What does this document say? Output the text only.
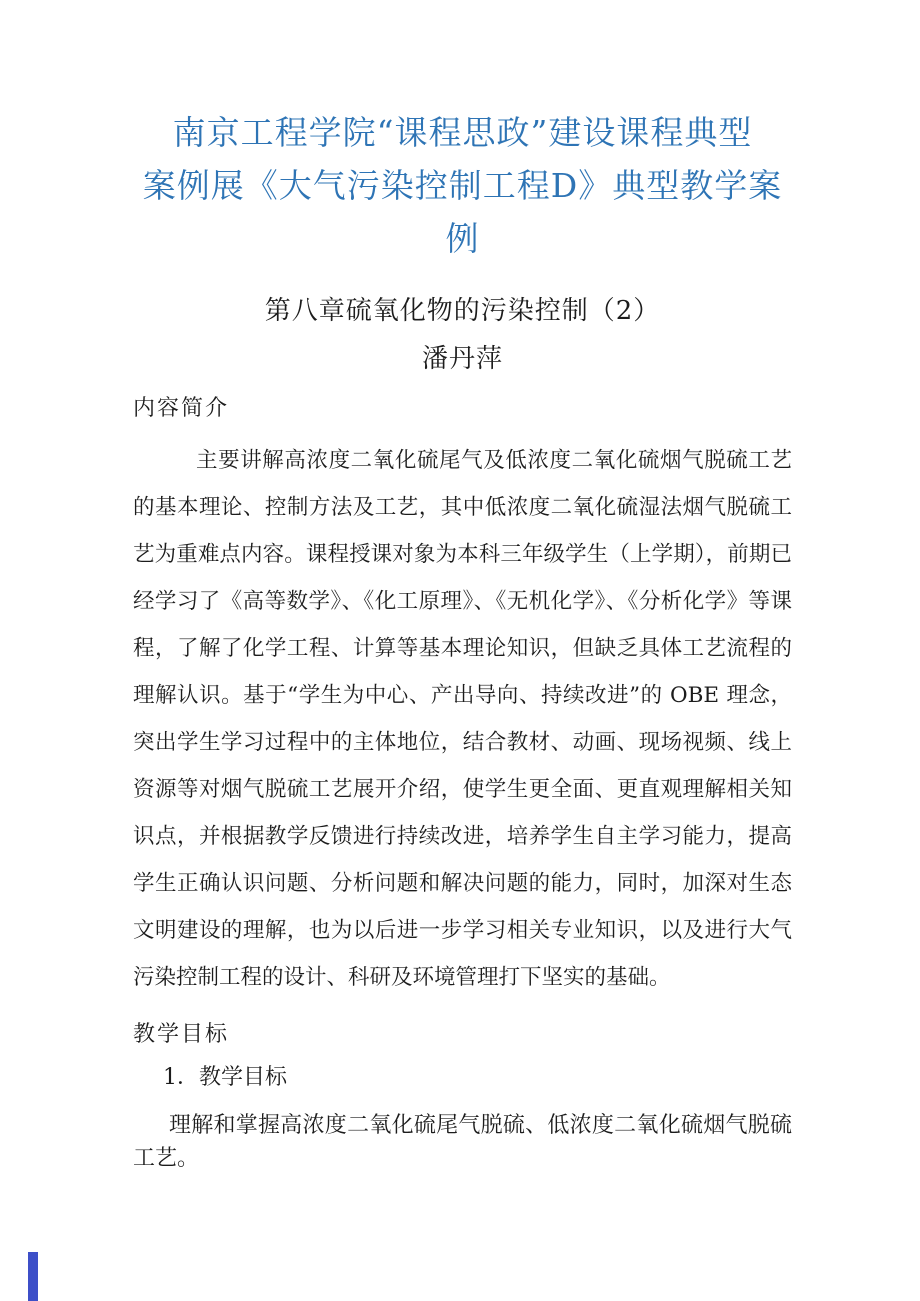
南京工程学院“课程思政”建设课程典型
案例展《大气污染控制工程D》典型教学案
例
第八章硫氧化物的污染控制（2）
潘丹萍
内容简介

主要讲解高浓度二氧化硫尾气及低浓度二氧化硫烟气脱硫工艺的基本理论、控制方法及工艺，其中低浓度二氧化硫湿法烟气脱硫工艺为重难点内容。课程授课对象为本科三年级学生（上学期），前期已经学习了《高等数学》、《化工原理》、《无机化学》、《分析化学》等课程，了解了化学工程、计算等基本理论知识，但缺乏具体工艺流程的理解认识。基于“学生为中心、产出导向、持续改进”的 OBE 理念，突出学生学习过程中的主体地位，结合教材、动画、现场视频、线上资源等对烟气脱硫工艺展开介绍，使学生更全面、更直观理解相关知识点，并根据教学反馈进行持续改进，培养学生自主学习能力，提高学生正确认识问题、分析问题和解决问题的能力，同时，加深对生态文明建设的理解，也为以后进一步学习相关专业知识，以及进行大气污染控制工程的设计、科研及环境管理打下坚实的基础。

教学目标

1．教学目标

理解和掌握高浓度二氧化硫尾气脱硫、低浓度二氧化硫烟气脱硫工艺。
